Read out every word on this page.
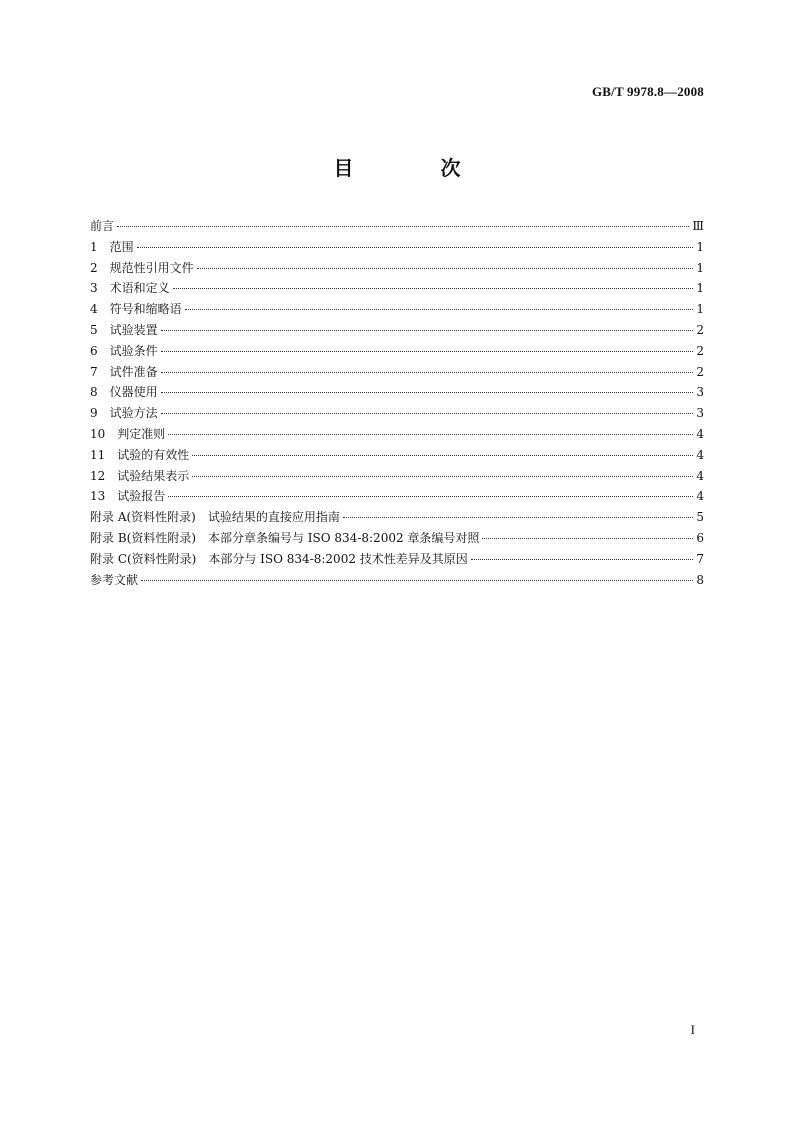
GB/T 9978.8—2008
目 次
前言	Ⅲ
1　范围	1
2　规范性引用文件	1
3　术语和定义	1
4　符号和缩略语	1
5　试验装置	2
6　试验条件	2
7　试件准备	2
8　仪器使用	3
9　试验方法	3
10　判定准则	4
11　试验的有效性	4
12　试验结果表示	4
13　试验报告	4
附录 A(资料性附录)　试验结果的直接应用指南	5
附录 B(资料性附录)　本部分章条编号与 ISO 834-8:2002 章条编号对照	6
附录 C(资料性附录)　本部分与 ISO 834-8:2002 技术性差异及其原因	7
参考文献	8
I
